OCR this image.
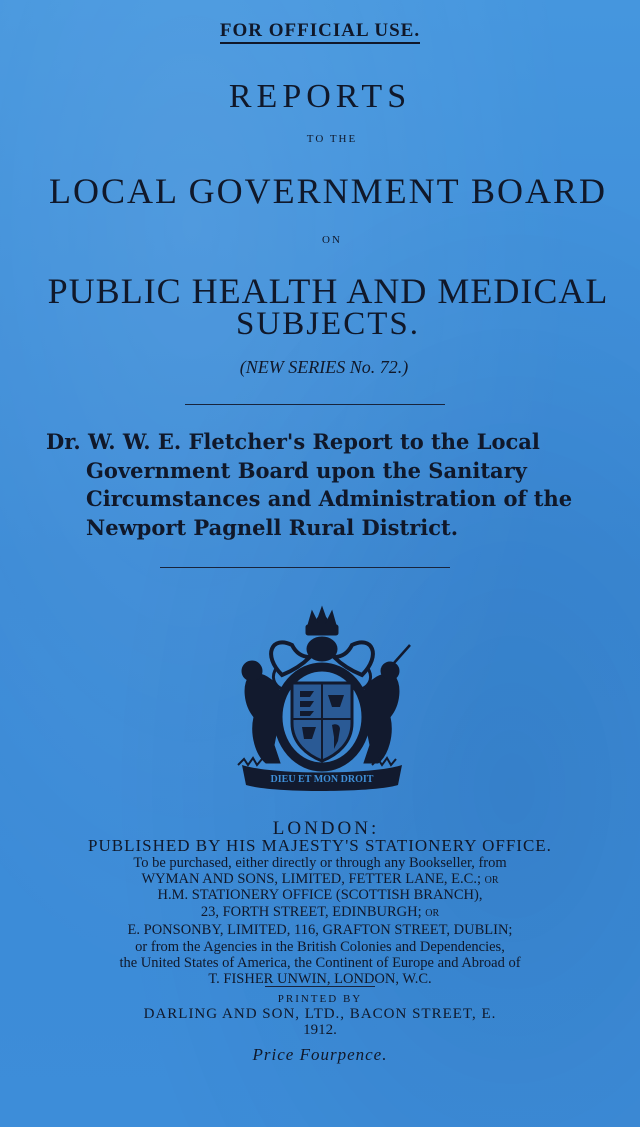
FOR OFFICIAL USE.
REPORTS
TO THE
LOCAL GOVERNMENT BOARD
ON
PUBLIC HEALTH AND MEDICAL
SUBJECTS.
(NEW SERIES No. 72.)
Dr. W. W. E. Fletcher's Report to the Local
Government Board upon the Sanitary
Circumstances and Administration of the
Newport Pagnell Rural District.
DIEU ET MON DROIT
LONDON:
PUBLISHED BY HIS MAJESTY'S STATIONERY OFFICE.
To be purchased, either directly or through any Bookseller, from
WYMAN AND SONS, LIMITED, FETTER LANE, E.C.; or
H.M. STATIONERY OFFICE (SCOTTISH BRANCH),
23, FORTH STREET, EDINBURGH; or
E. PONSONBY, LIMITED, 116, GRAFTON STREET, DUBLIN;
or from the Agencies in the British Colonies and Dependencies,
the United States of America, the Continent of Europe and Abroad of
T. FISHER UNWIN, LONDON, W.C.
PRINTED BY
DARLING AND SON, LTD., BACON STREET, E.
1912.
Price Fourpence.
